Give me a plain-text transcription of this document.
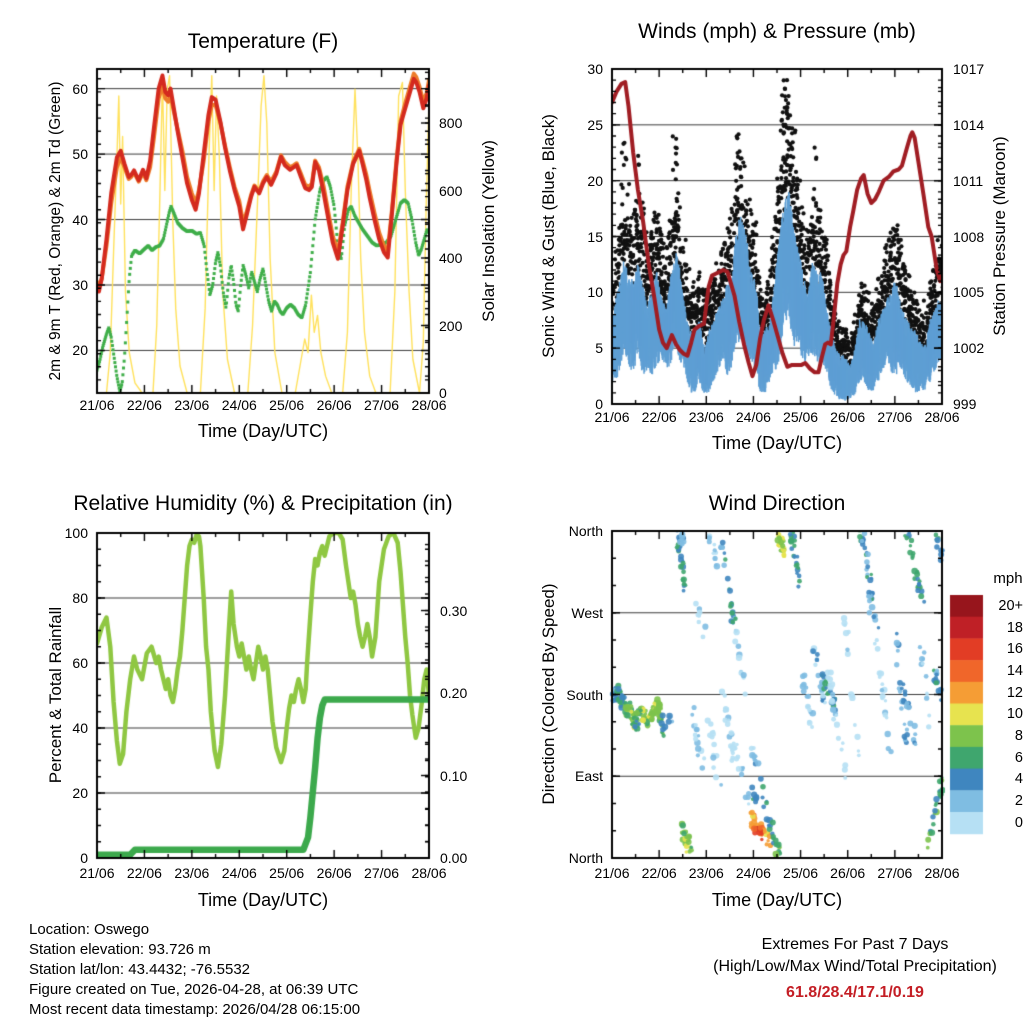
Temperature (F)
2m & 9m T (Red, Orange) & 2m Td (Green)	Solar Insolation (Yellow)
Time (Day/UTC)
Winds (mph) & Pressure (mb)
Sonic Wind & Gust (Blue, Black)	Station Pressure (Maroon)
Time (Day/UTC)
Relative Humidity (%) & Precipitation (in)
Percent & Total Rainfall
Time (Day/UTC)
Wind Direction
Direction (Colored By Speed)
Time (Day/UTC)
mph
60
50
40
30
20
800
600
400
200
0
21/06 22/06 23/06 24/06 25/06 26/06 27/06 28/06
30
25
20
15
10
5
0
1017
1014
1011
1008
1005
1002
999
21/06 22/06 23/06 24/06 25/06 26/06 27/06 28/06
100
80
60
40
20
0
0.30
0.20
0.10
0.00
21/06 22/06 23/06 24/06 25/06 26/06 27/06 28/06
North
West
South
East
North
21/06 22/06 23/06 24/06 25/06 26/06 27/06 28/06
20+
18
16
14
12
10
8
6
4
2
0
Location: Oswego
Station elevation: 93.726 m
Station lat/lon: 43.4432; -76.5532
Figure created on Tue, 2026-04-28, at 06:39 UTC
Most recent data timestamp: 2026/04/28 06:15:00
Extremes For Past 7 Days
(High/Low/Max Wind/Total Precipitation)
61.8/28.4/17.1/0.19
